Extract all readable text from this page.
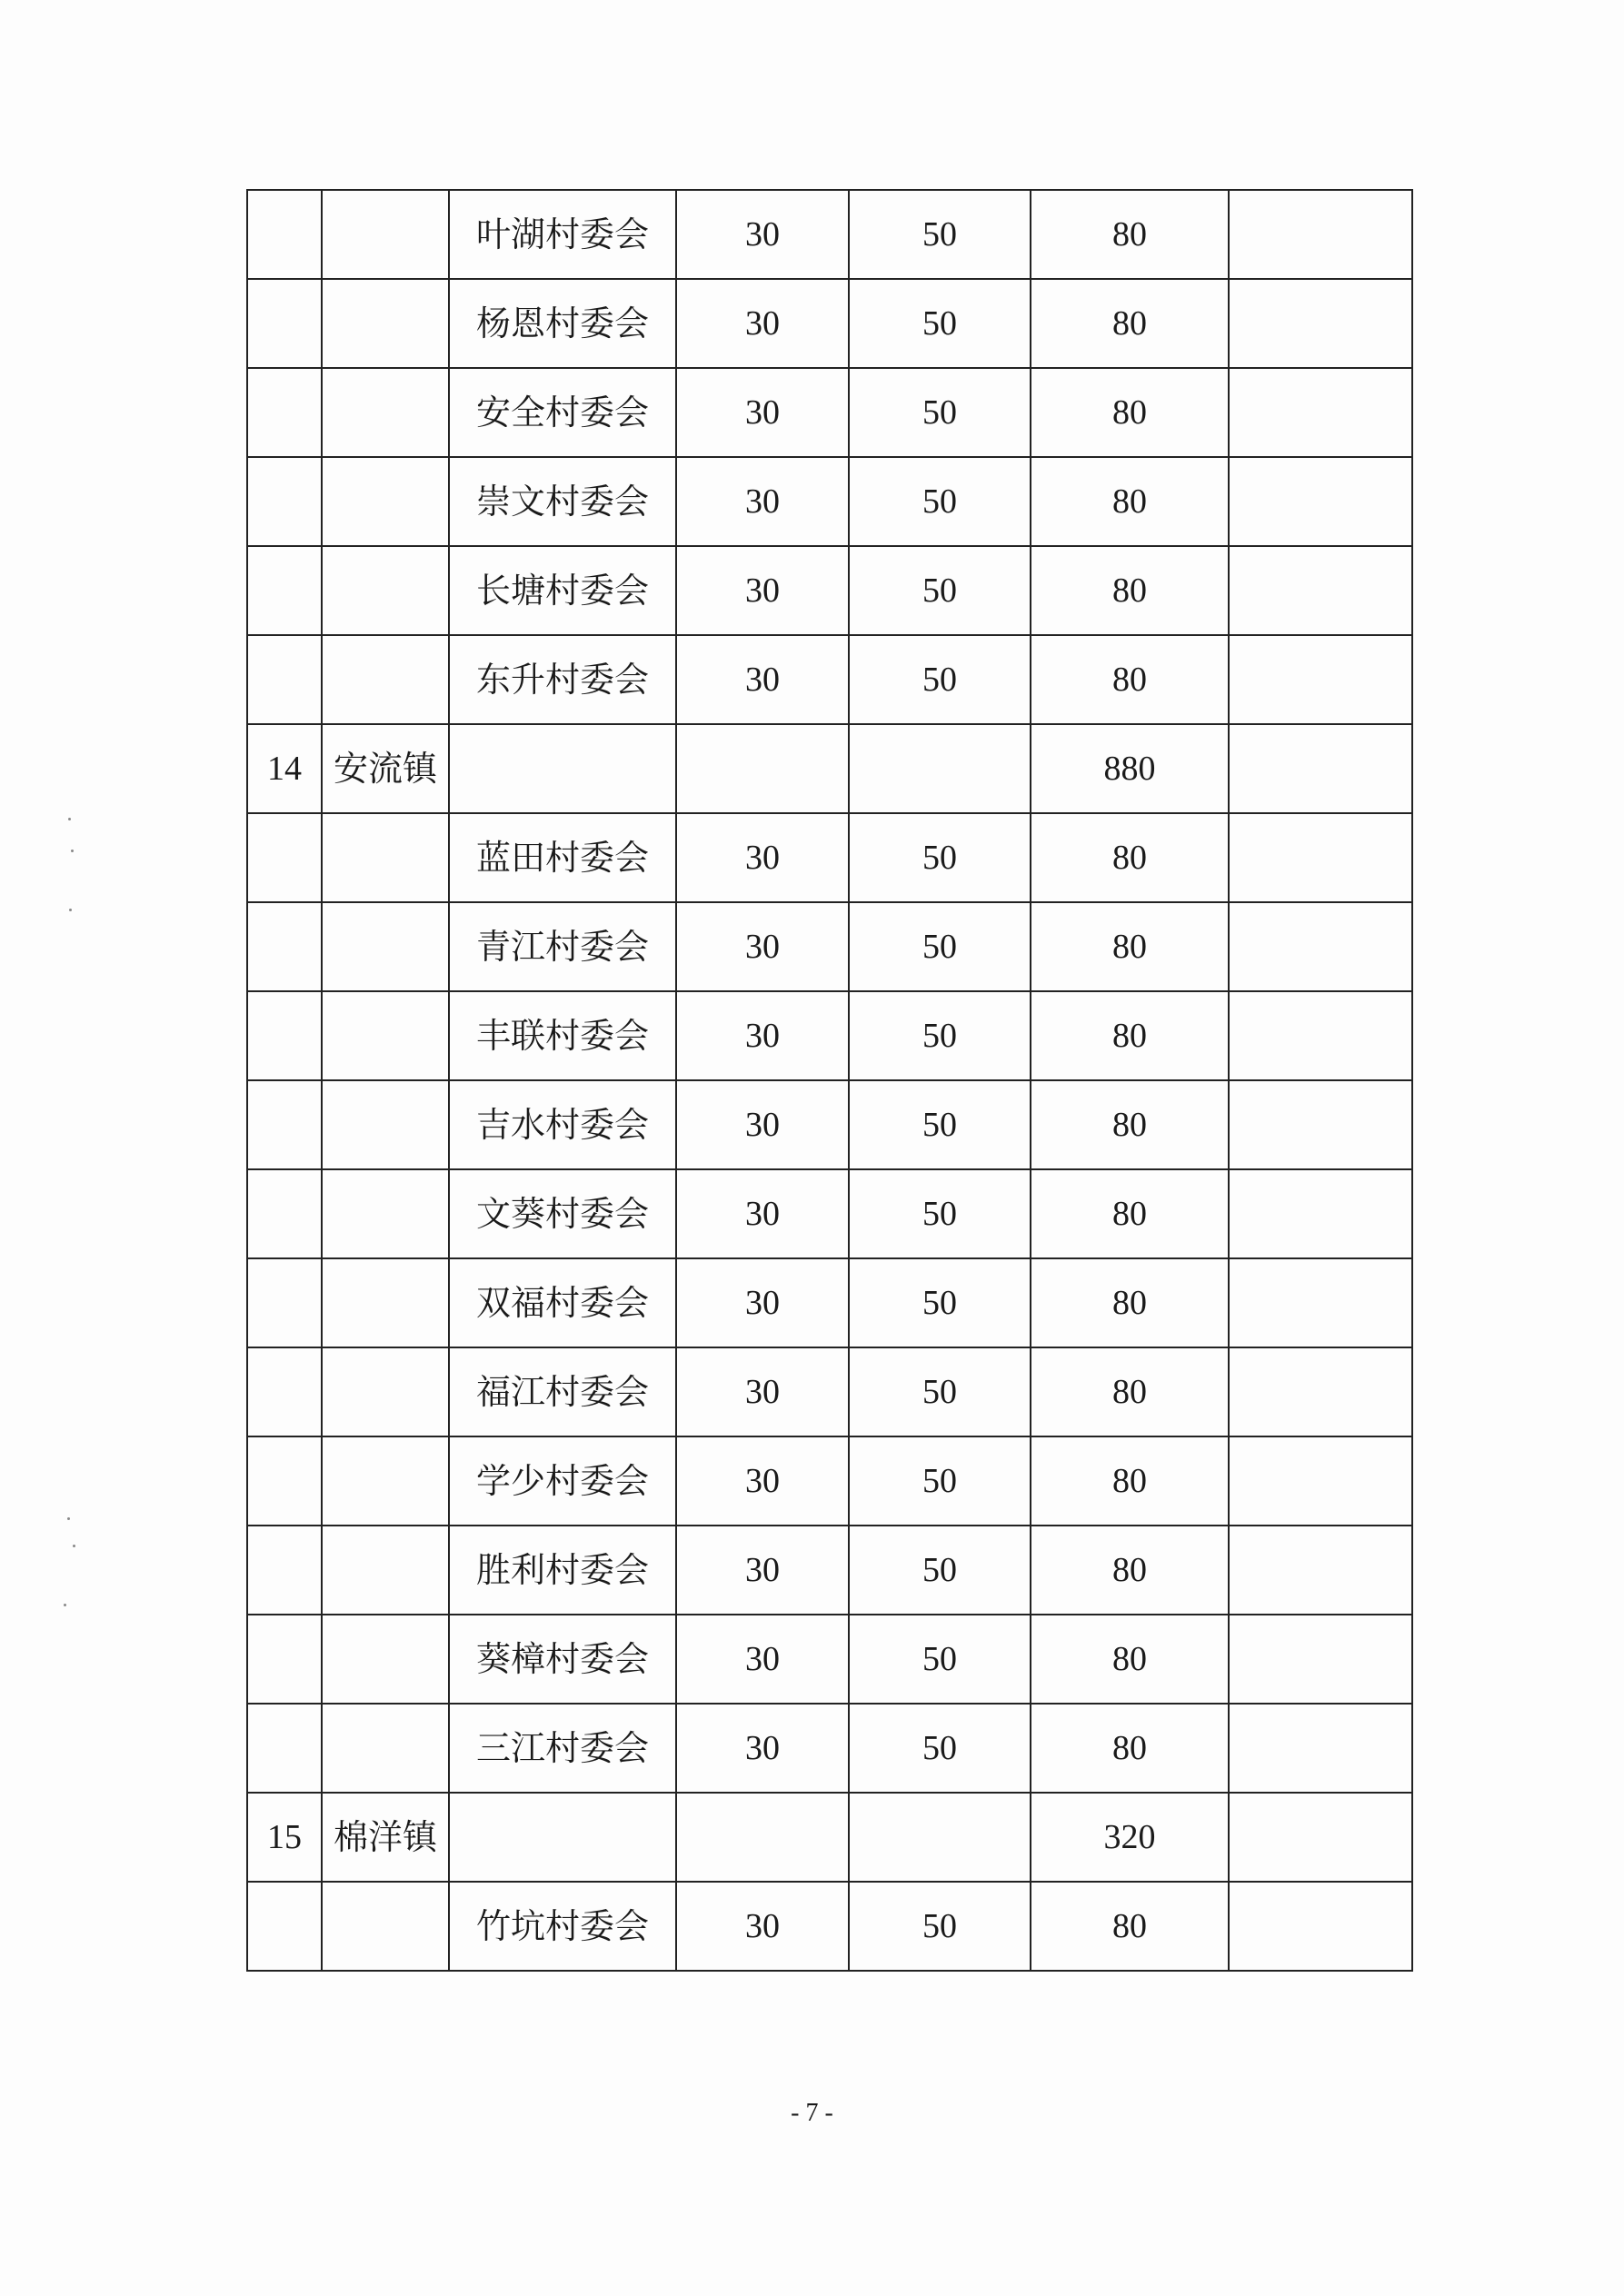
		叶湖村委会	30	50	80	
		杨恩村委会	30	50	80	
		安全村委会	30	50	80	
		崇文村委会	30	50	80	
		长塘村委会	30	50	80	
		东升村委会	30	50	80	
14	安流镇				880	
		蓝田村委会	30	50	80	
		青江村委会	30	50	80	
		丰联村委会	30	50	80	
		吉水村委会	30	50	80	
		文葵村委会	30	50	80	
		双福村委会	30	50	80	
		福江村委会	30	50	80	
		学少村委会	30	50	80	
		胜利村委会	30	50	80	
		葵樟村委会	30	50	80	
		三江村委会	30	50	80	
15	棉洋镇				320	
		竹坑村委会	30	50	80	
- 7 -
